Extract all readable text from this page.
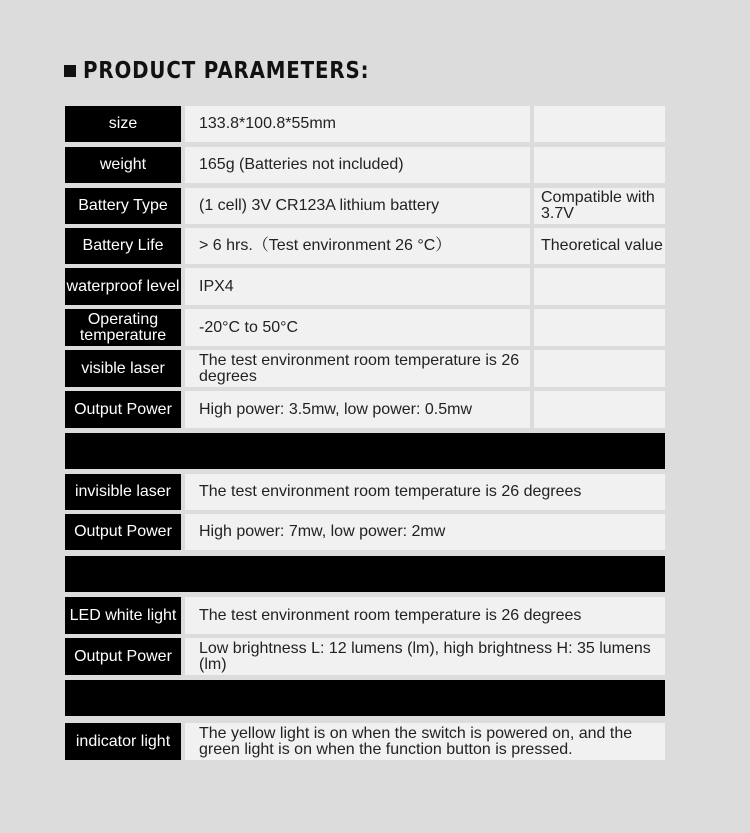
PRODUCT PARAMETERS:
size	133.8*100.8*55mm
weight	165g (Batteries not included)
Battery Type	(1 cell) 3V CR123A lithium battery	Compatible with 3.7V
Battery Life	> 6 hrs.（Test environment 26 °C）	Theoretical value
waterproof level	IPX4
Operating temperature	-20°C to 50°C
visible laser	The test environment room temperature is 26 degrees
Output Power	High power: 3.5mw, low power: 0.5mw
invisible laser	The test environment room temperature is 26 degrees
Output Power	High power: 7mw, low power: 2mw
LED white light	The test environment room temperature is 26 degrees
Output Power	Low brightness L: 12 lumens (lm), high brightness H: 35 lumens (lm)
indicator light	The yellow light is on when the switch is powered on, and the green light is on when the function button is pressed.
